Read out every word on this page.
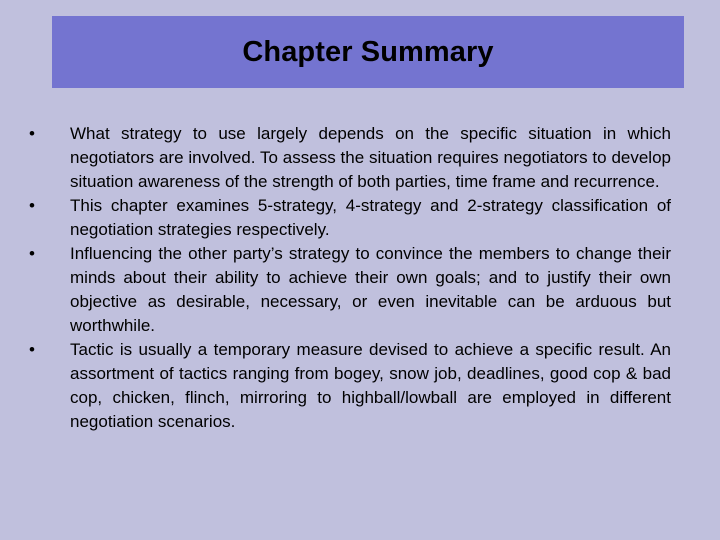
Chapter Summary
• What strategy to use largely depends on the specific situation in which negotiators are involved. To assess the situation requires negotiators to develop situation awareness of the strength of both parties, time frame and recurrence.
• This chapter examines 5-strategy, 4-strategy and 2-strategy classification of negotiation strategies respectively.
• Influencing the other party’s strategy to convince the members to change their minds about their ability to achieve their own goals; and to justify their own objective as desirable, necessary, or even inevitable can be arduous but worthwhile.
• Tactic is usually a temporary measure devised to achieve a specific result. An assortment of tactics ranging from bogey, snow job, deadlines, good cop & bad cop, chicken, flinch, mirroring to highball/lowball are employed in different negotiation scenarios.
